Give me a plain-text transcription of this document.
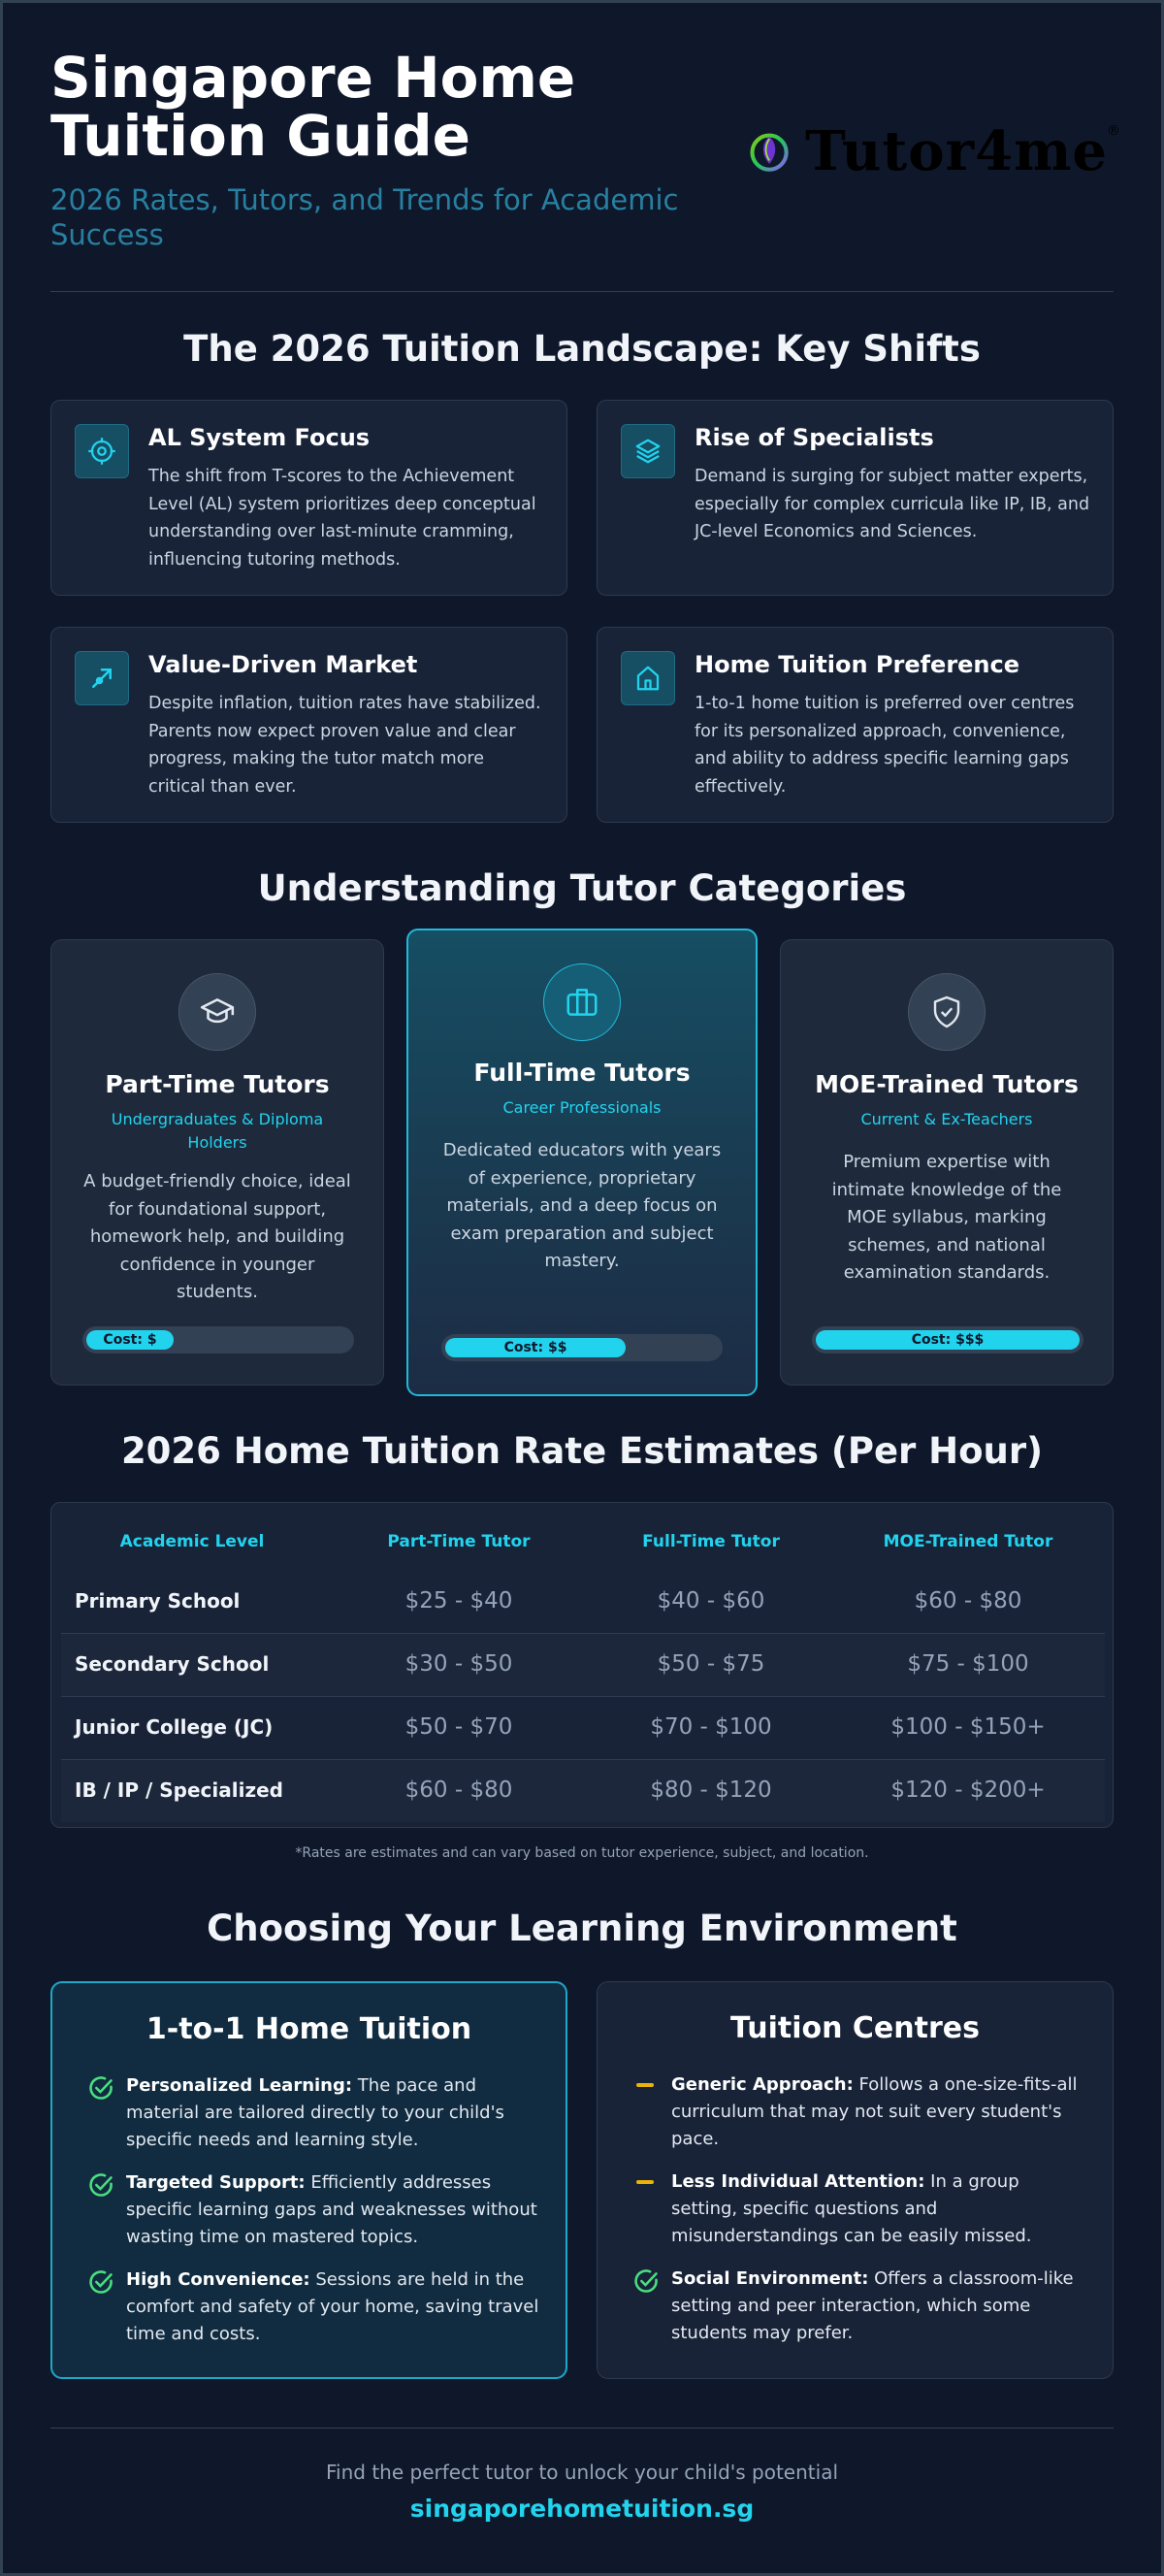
Singapore Home Tuition Guide
2026 Rates, Tutors, and Trends for Academic Success
Tutor4me ®
The 2026 Tuition Landscape: Key Shifts
AL System Focus
The shift from T-scores to the Achievement Level (AL) system prioritizes deep conceptual understanding over last-minute cramming, influencing tutoring methods.
Rise of Specialists
Demand is surging for subject matter experts, especially for complex curricula like IP, IB, and JC-level Economics and Sciences.
Value-Driven Market
Despite inflation, tuition rates have stabilized. Parents now expect proven value and clear progress, making the tutor match more critical than ever.
Home Tuition Preference
1-to-1 home tuition is preferred over centres for its personalized approach, convenience, and ability to address specific learning gaps effectively.
Understanding Tutor Categories
Part-Time Tutors
Undergraduates & Diploma Holders
A budget-friendly choice, ideal for foundational support, homework help, and building confidence in younger students.
Cost: $
Full-Time Tutors
Career Professionals
Dedicated educators with years of experience, proprietary materials, and a deep focus on exam preparation and subject mastery.
Cost: $$
MOE-Trained Tutors
Current & Ex-Teachers
Premium expertise with intimate knowledge of the MOE syllabus, marking schemes, and national examination standards.
Cost: $$$
2026 Home Tuition Rate Estimates (Per Hour)
Academic Level	Part-Time Tutor	Full-Time Tutor	MOE-Trained Tutor
Primary School	$25 - $40	$40 - $60	$60 - $80
Secondary School	$30 - $50	$50 - $75	$75 - $100
Junior College (JC)	$50 - $70	$70 - $100	$100 - $150+
IB / IP / Specialized	$60 - $80	$80 - $120	$120 - $200+
*Rates are estimates and can vary based on tutor experience, subject, and location.
Choosing Your Learning Environment
1-to-1 Home Tuition
Personalized Learning: The pace and material are tailored directly to your child's specific needs and learning style.
Targeted Support: Efficiently addresses specific learning gaps and weaknesses without wasting time on mastered topics.
High Convenience: Sessions are held in the comfort and safety of your home, saving travel time and costs.
Tuition Centres
Generic Approach: Follows a one-size-fits-all curriculum that may not suit every student's pace.
Less Individual Attention: In a group setting, specific questions and misunderstandings can be easily missed.
Social Environment: Offers a classroom-like setting and peer interaction, which some students may prefer.
Find the perfect tutor to unlock your child's potential
singaporehometuition.sg
